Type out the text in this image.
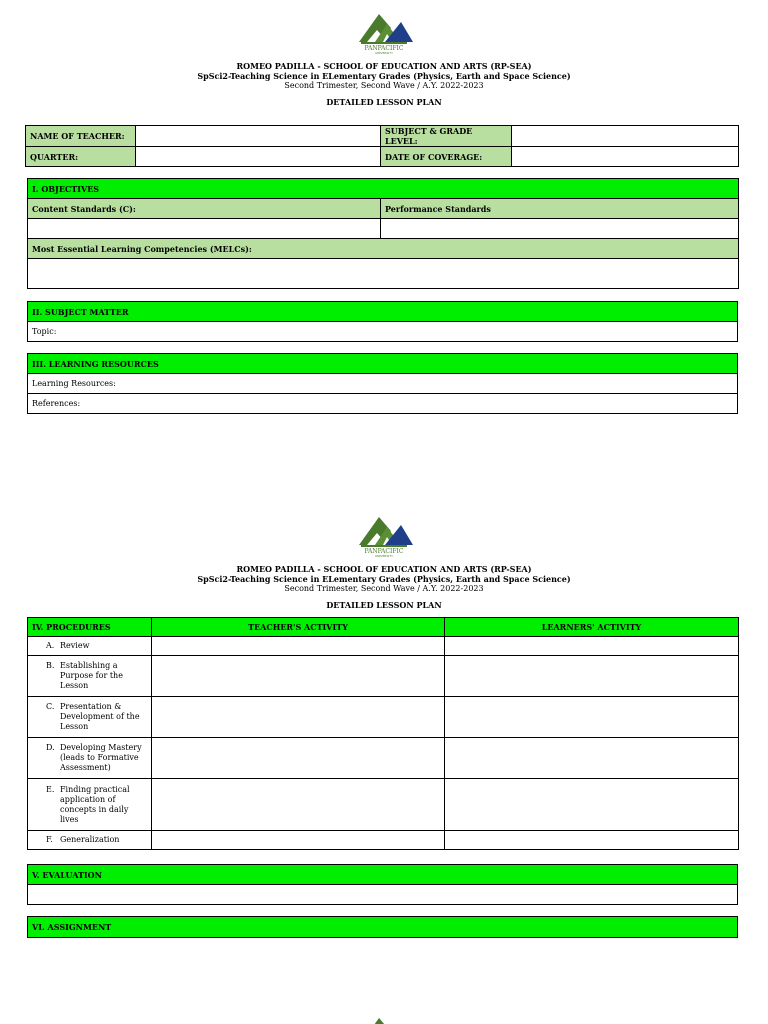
PANPACIFIC
UNIVERSITY
ROMEO PADILLA - SCHOOL OF EDUCATION AND ARTS (RP-SEA)
SpSci2-Teaching Science in ELementary Grades (Physics, Earth and Space Science)
Second Trimester, Second Wave / A.Y. 2022-2023
DETAILED LESSON PLAN
NAME OF TEACHER:		SUBJECT & GRADE LEVEL:	
QUARTER:		DATE OF COVERAGE:	
I. OBJECTIVES	
Content Standards (C):	Performance Standards

Most Essential Learning Competencies (MELCs):	

II. SUBJECT MATTER
Topic:
III. LEARNING RESOURCES
Learning Resources:
References:
PANPACIFIC
UNIVERSITY
ROMEO PADILLA - SCHOOL OF EDUCATION AND ARTS (RP-SEA)
SpSci2-Teaching Science in ELementary Grades (Physics, Earth and Space Science)
Second Trimester, Second Wave / A.Y. 2022-2023
DETAILED LESSON PLAN
IV. PROCEDURES	TEACHER'S ACTIVITY	LEARNERS' ACTIVITY

A. Review		

B. Establishing a Purpose for the Lesson		

C. Presentation & Development of the Lesson		

D. Developing Mastery (leads to Formative Assessment)		

E. Finding practical application of concepts in daily lives		

F. Generalization		

V. EVALUATION

VI. ASSIGNMENT
